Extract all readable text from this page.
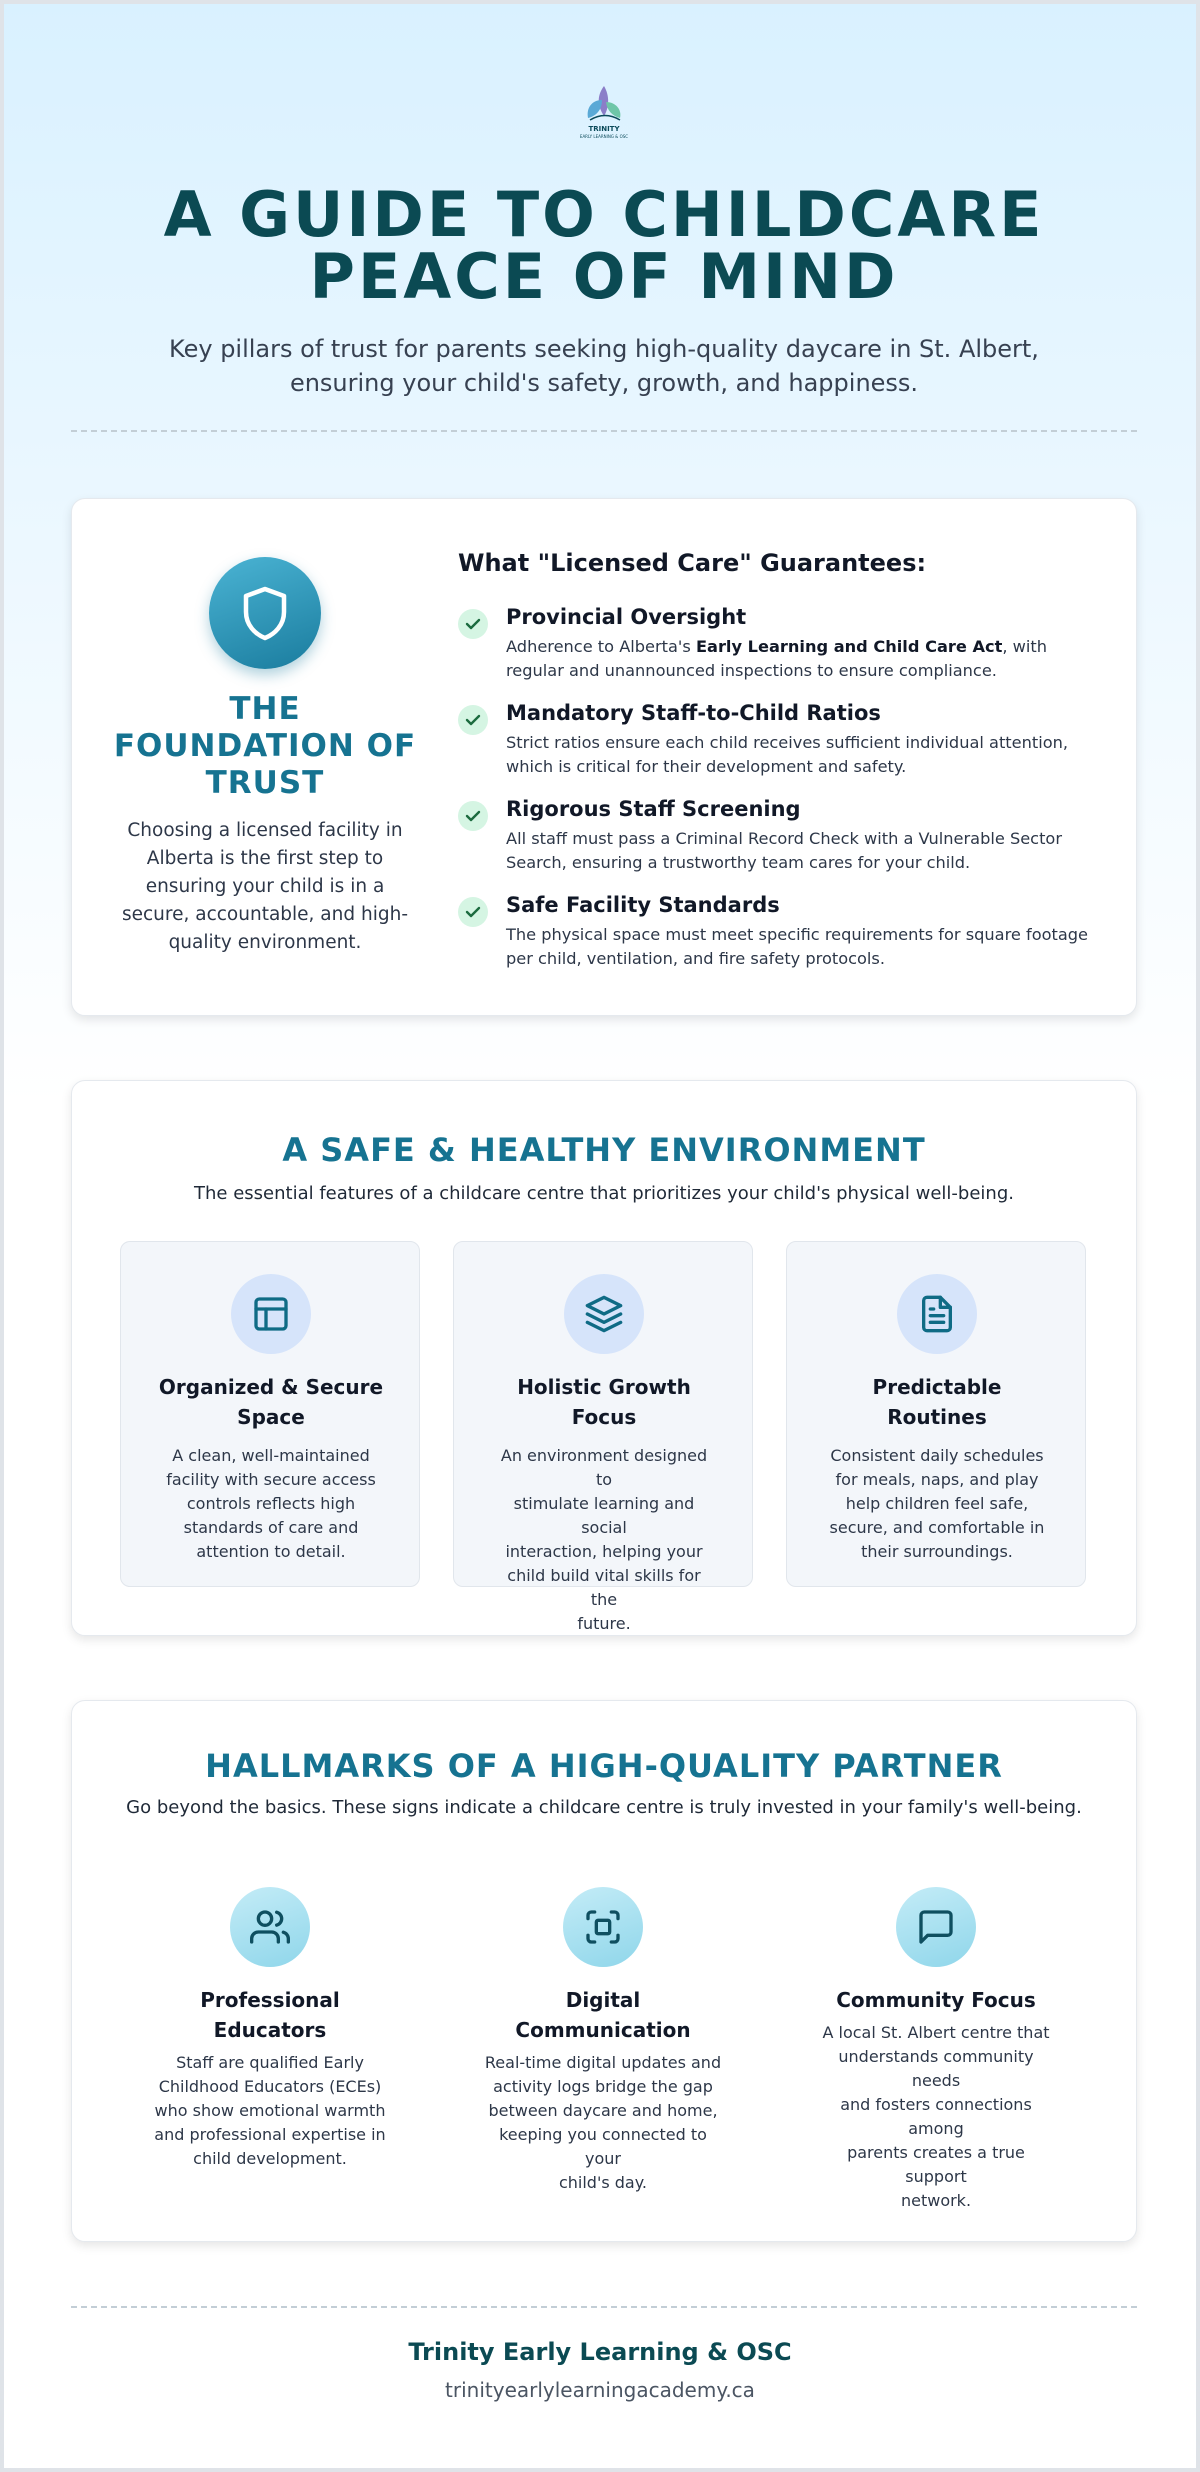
TRINITY
EARLY LEARNING & OSC
A GUIDE TO CHILDCARE
PEACE OF MIND
Key pillars of trust for parents seeking high-quality daycare in St. Albert,
ensuring your child's safety, growth, and happiness.
THE
FOUNDATION OF
TRUST
Choosing a licensed facility in
Alberta is the first step to
ensuring your child is in a
secure, accountable, and high-
quality environment.
What "Licensed Care" Guarantees:
Provincial Oversight
Adherence to Alberta's Early Learning and Child Care Act, with
regular and unannounced inspections to ensure compliance.
Mandatory Staff-to-Child Ratios
Strict ratios ensure each child receives sufficient individual attention,
which is critical for their development and safety.
Rigorous Staff Screening
All staff must pass a Criminal Record Check with a Vulnerable Sector
Search, ensuring a trustworthy team cares for your child.
Safe Facility Standards
The physical space must meet specific requirements for square footage
per child, ventilation, and fire safety protocols.
A SAFE & HEALTHY ENVIRONMENT
The essential features of a childcare centre that prioritizes your child's physical well-being.
Organized & Secure
Space
A clean, well-maintained
facility with secure access
controls reflects high
standards of care and
attention to detail.
Holistic Growth
Focus
An environment designed to
stimulate learning and social
interaction, helping your
child build vital skills for the
future.
Predictable
Routines
Consistent daily schedules
for meals, naps, and play
help children feel safe,
secure, and comfortable in
their surroundings.
HALLMARKS OF A HIGH-QUALITY PARTNER
Go beyond the basics. These signs indicate a childcare centre is truly invested in your family's well-being.
Professional
Educators
Staff are qualified Early
Childhood Educators (ECEs)
who show emotional warmth
and professional expertise in
child development.
Digital
Communication
Real-time digital updates and
activity logs bridge the gap
between daycare and home,
keeping you connected to your
child's day.
Community Focus
A local St. Albert centre that
understands community needs
and fosters connections among
parents creates a true support
network.
Trinity Early Learning & OSC
trinityearlylearningacademy.ca
